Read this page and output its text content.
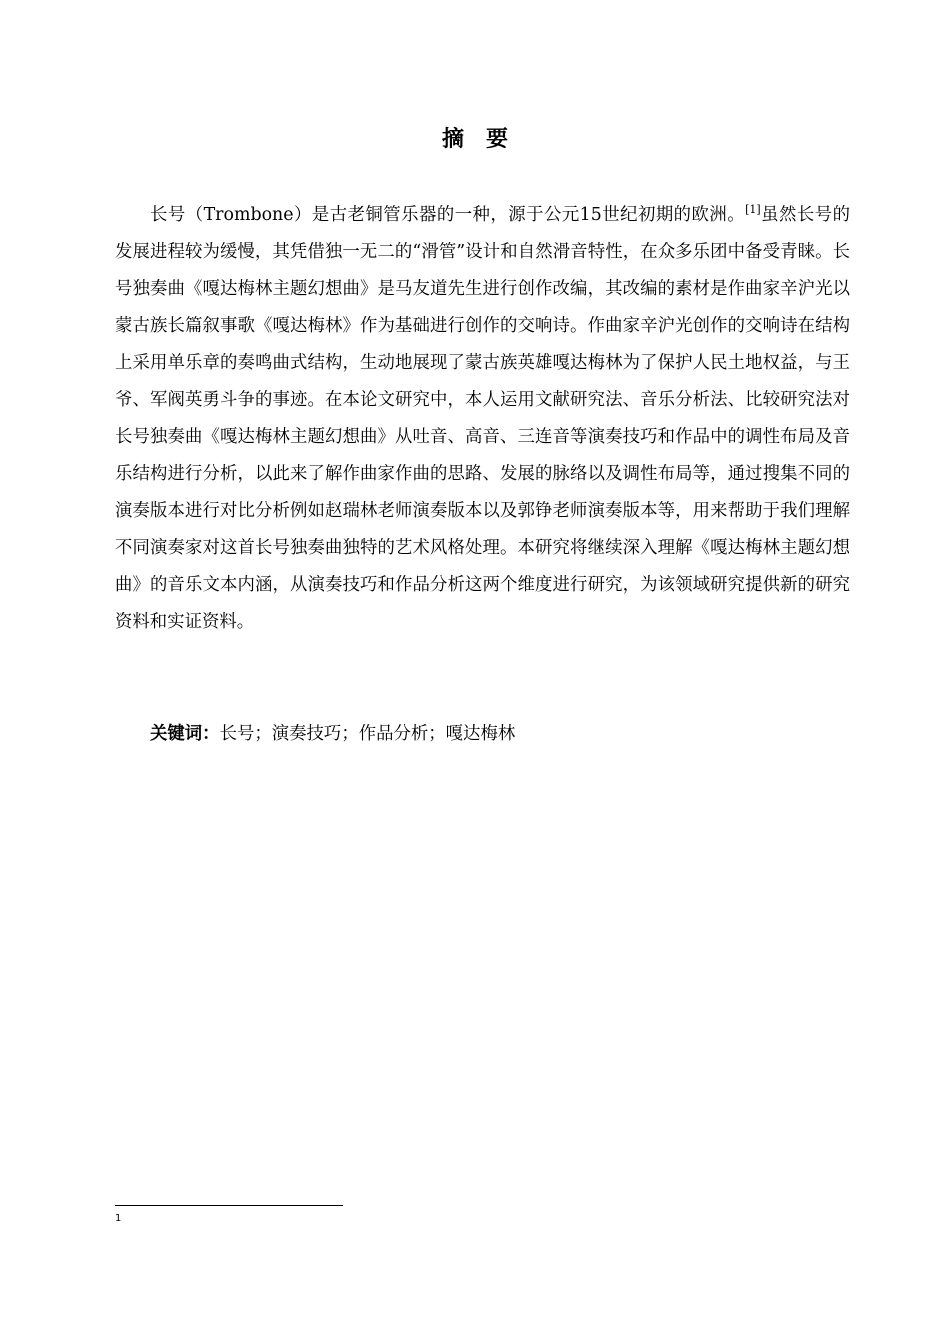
摘 要

长号（Trombone）是古老铜管乐器的一种，源于公元15世纪初期的欧洲。[1]虽然长号的发展进程较为缓慢，其凭借独一无二的“滑管”设计和自然滑音特性，在众多乐团中备受青睐。长号独奏曲《嘎达梅林主题幻想曲》是马友道先生进行创作改编，其改编的素材是作曲家辛沪光以蒙古族长篇叙事歌《嘎达梅林》作为基础进行创作的交响诗。作曲家辛沪光创作的交响诗在结构上采用单乐章的奏鸣曲式结构，生动地展现了蒙古族英雄嘎达梅林为了保护人民土地权益，与王爷、军阀英勇斗争的事迹。在本论文研究中，本人运用文献研究法、音乐分析法、比较研究法对长号独奏曲《嘎达梅林主题幻想曲》从吐音、高音、三连音等演奏技巧和作品中的调性布局及音乐结构进行分析，以此来了解作曲家作曲的思路、发展的脉络以及调性布局等，通过搜集不同的演奏版本进行对比分析例如赵瑞林老师演奏版本以及郭铮老师演奏版本等，用来帮助于我们理解不同演奏家对这首长号独奏曲独特的艺术风格处理。本研究将继续深入理解《嘎达梅林主题幻想曲》的音乐文本内涵，从演奏技巧和作品分析这两个维度进行研究，为该领域研究提供新的研究资料和实证资料。

关键词：长号；演奏技巧；作品分析；嘎达梅林
1
